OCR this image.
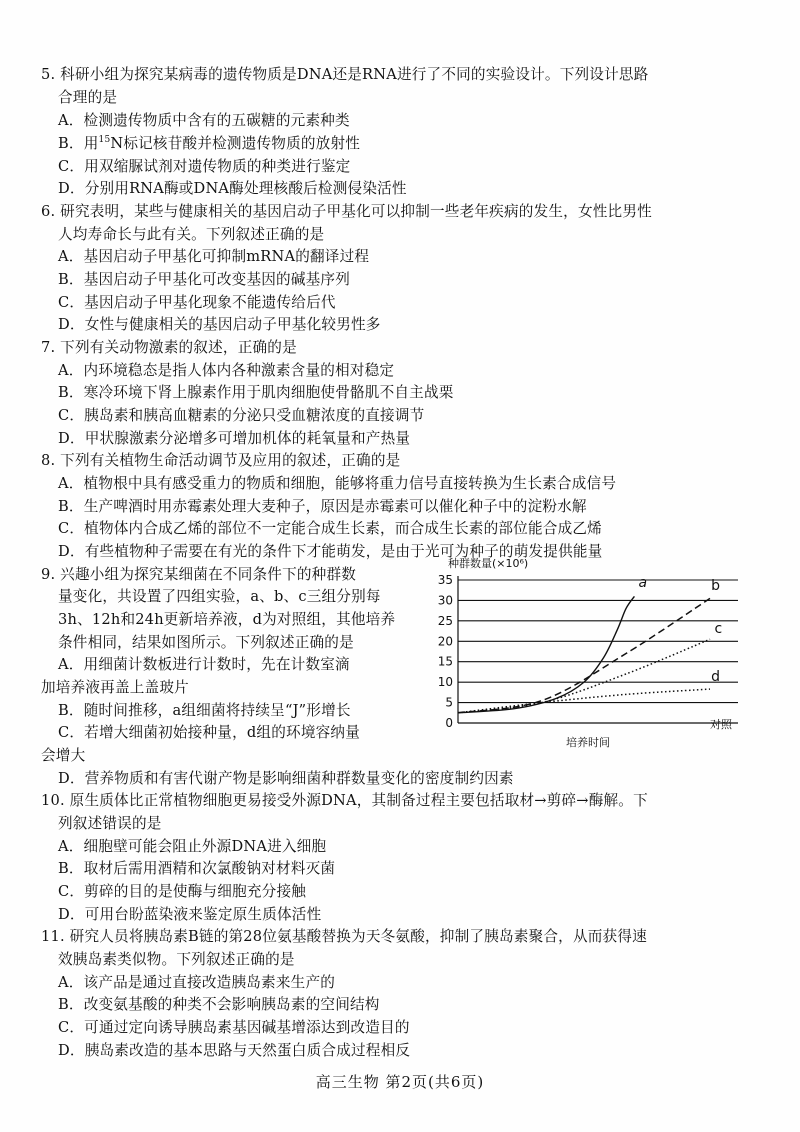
5. 科研小组为探究某病毒的遗传物质是DNA还是RNA进行了不同的实验设计。下列设计思路
合理的是
A．检测遗传物质中含有的五碳糖的元素种类
B．用$^{15}$N标记核苷酸并检测遗传物质的放射性
C．用双缩脲试剂对遗传物质的种类进行鉴定
D．分别用RNA酶或DNA酶处理核酸后检测侵染活性
6. 研究表明，某些与健康相关的基因启动子甲基化可以抑制一些老年疾病的发生，女性比男性
人均寿命长与此有关。下列叙述正确的是
A．基因启动子甲基化可抑制mRNA的翻译过程
B．基因启动子甲基化可改变基因的碱基序列
C．基因启动子甲基化现象不能遗传给后代
D．女性与健康相关的基因启动子甲基化较男性多
7. 下列有关动物激素的叙述，正确的是
A．内环境稳态是指人体内各种激素含量的相对稳定
B．寒冷环境下肾上腺素作用于肌肉细胞使骨骼肌不自主战栗
C．胰岛素和胰高血糖素的分泌只受血糖浓度的直接调节
D．甲状腺激素分泌增多可增加机体的耗氧量和产热量
8. 下列有关植物生命活动调节及应用的叙述，正确的是
A．植物根中具有感受重力的物质和细胞，能够将重力信号直接转换为生长素合成信号
B．生产啤酒时用赤霉素处理大麦种子，原因是赤霉素可以催化种子中的淀粉水解
C．植物体内合成乙烯的部位不一定能合成生长素，而合成生长素的部位能合成乙烯
D．有些植物种子需要在有光的条件下才能萌发，是由于光可为种子的萌发提供能量
9. 兴趣小组为探究某细菌在不同条件下的种群数
量变化，共设置了四组实验，a、b、c三组分别每
3h、12h和24h更新培养液，d为对照组，其他培养
条件相同，结果如图所示。下列叙述正确的是
A．用细菌计数板进行计数时，先在计数室滴
加培养液再盖上盖玻片
B．随时间推移，a组细菌将持续呈“J”形增长
C．若增大细菌初始接种量，d组的环境容纳量
会增大
D．营养物质和有害代谢产物是影响细菌种群数量变化的密度制约因素
0
5
10
15
20
25
30
35	a	b
c
d
种群数量(×10⁶)
培养时间
对照
10. 原生质体比正常植物细胞更易接受外源DNA，其制备过程主要包括取材→剪碎→酶解。下
列叙述错误的是
A．细胞壁可能会阻止外源DNA进入细胞
B．取材后需用酒精和次氯酸钠对材料灭菌
C．剪碎的目的是使酶与细胞充分接触
D．可用台盼蓝染液来鉴定原生质体活性
11. 研究人员将胰岛素B链的第28位氨基酸替换为天冬氨酸，抑制了胰岛素聚合，从而获得速
效胰岛素类似物。下列叙述正确的是
A．该产品是通过直接改造胰岛素来生产的
B．改变氨基酸的种类不会影响胰岛素的空间结构
C．可通过定向诱导胰岛素基因碱基增添达到改造目的
D．胰岛素改造的基本思路与天然蛋白质合成过程相反
高三生物 第2页(共6页)
